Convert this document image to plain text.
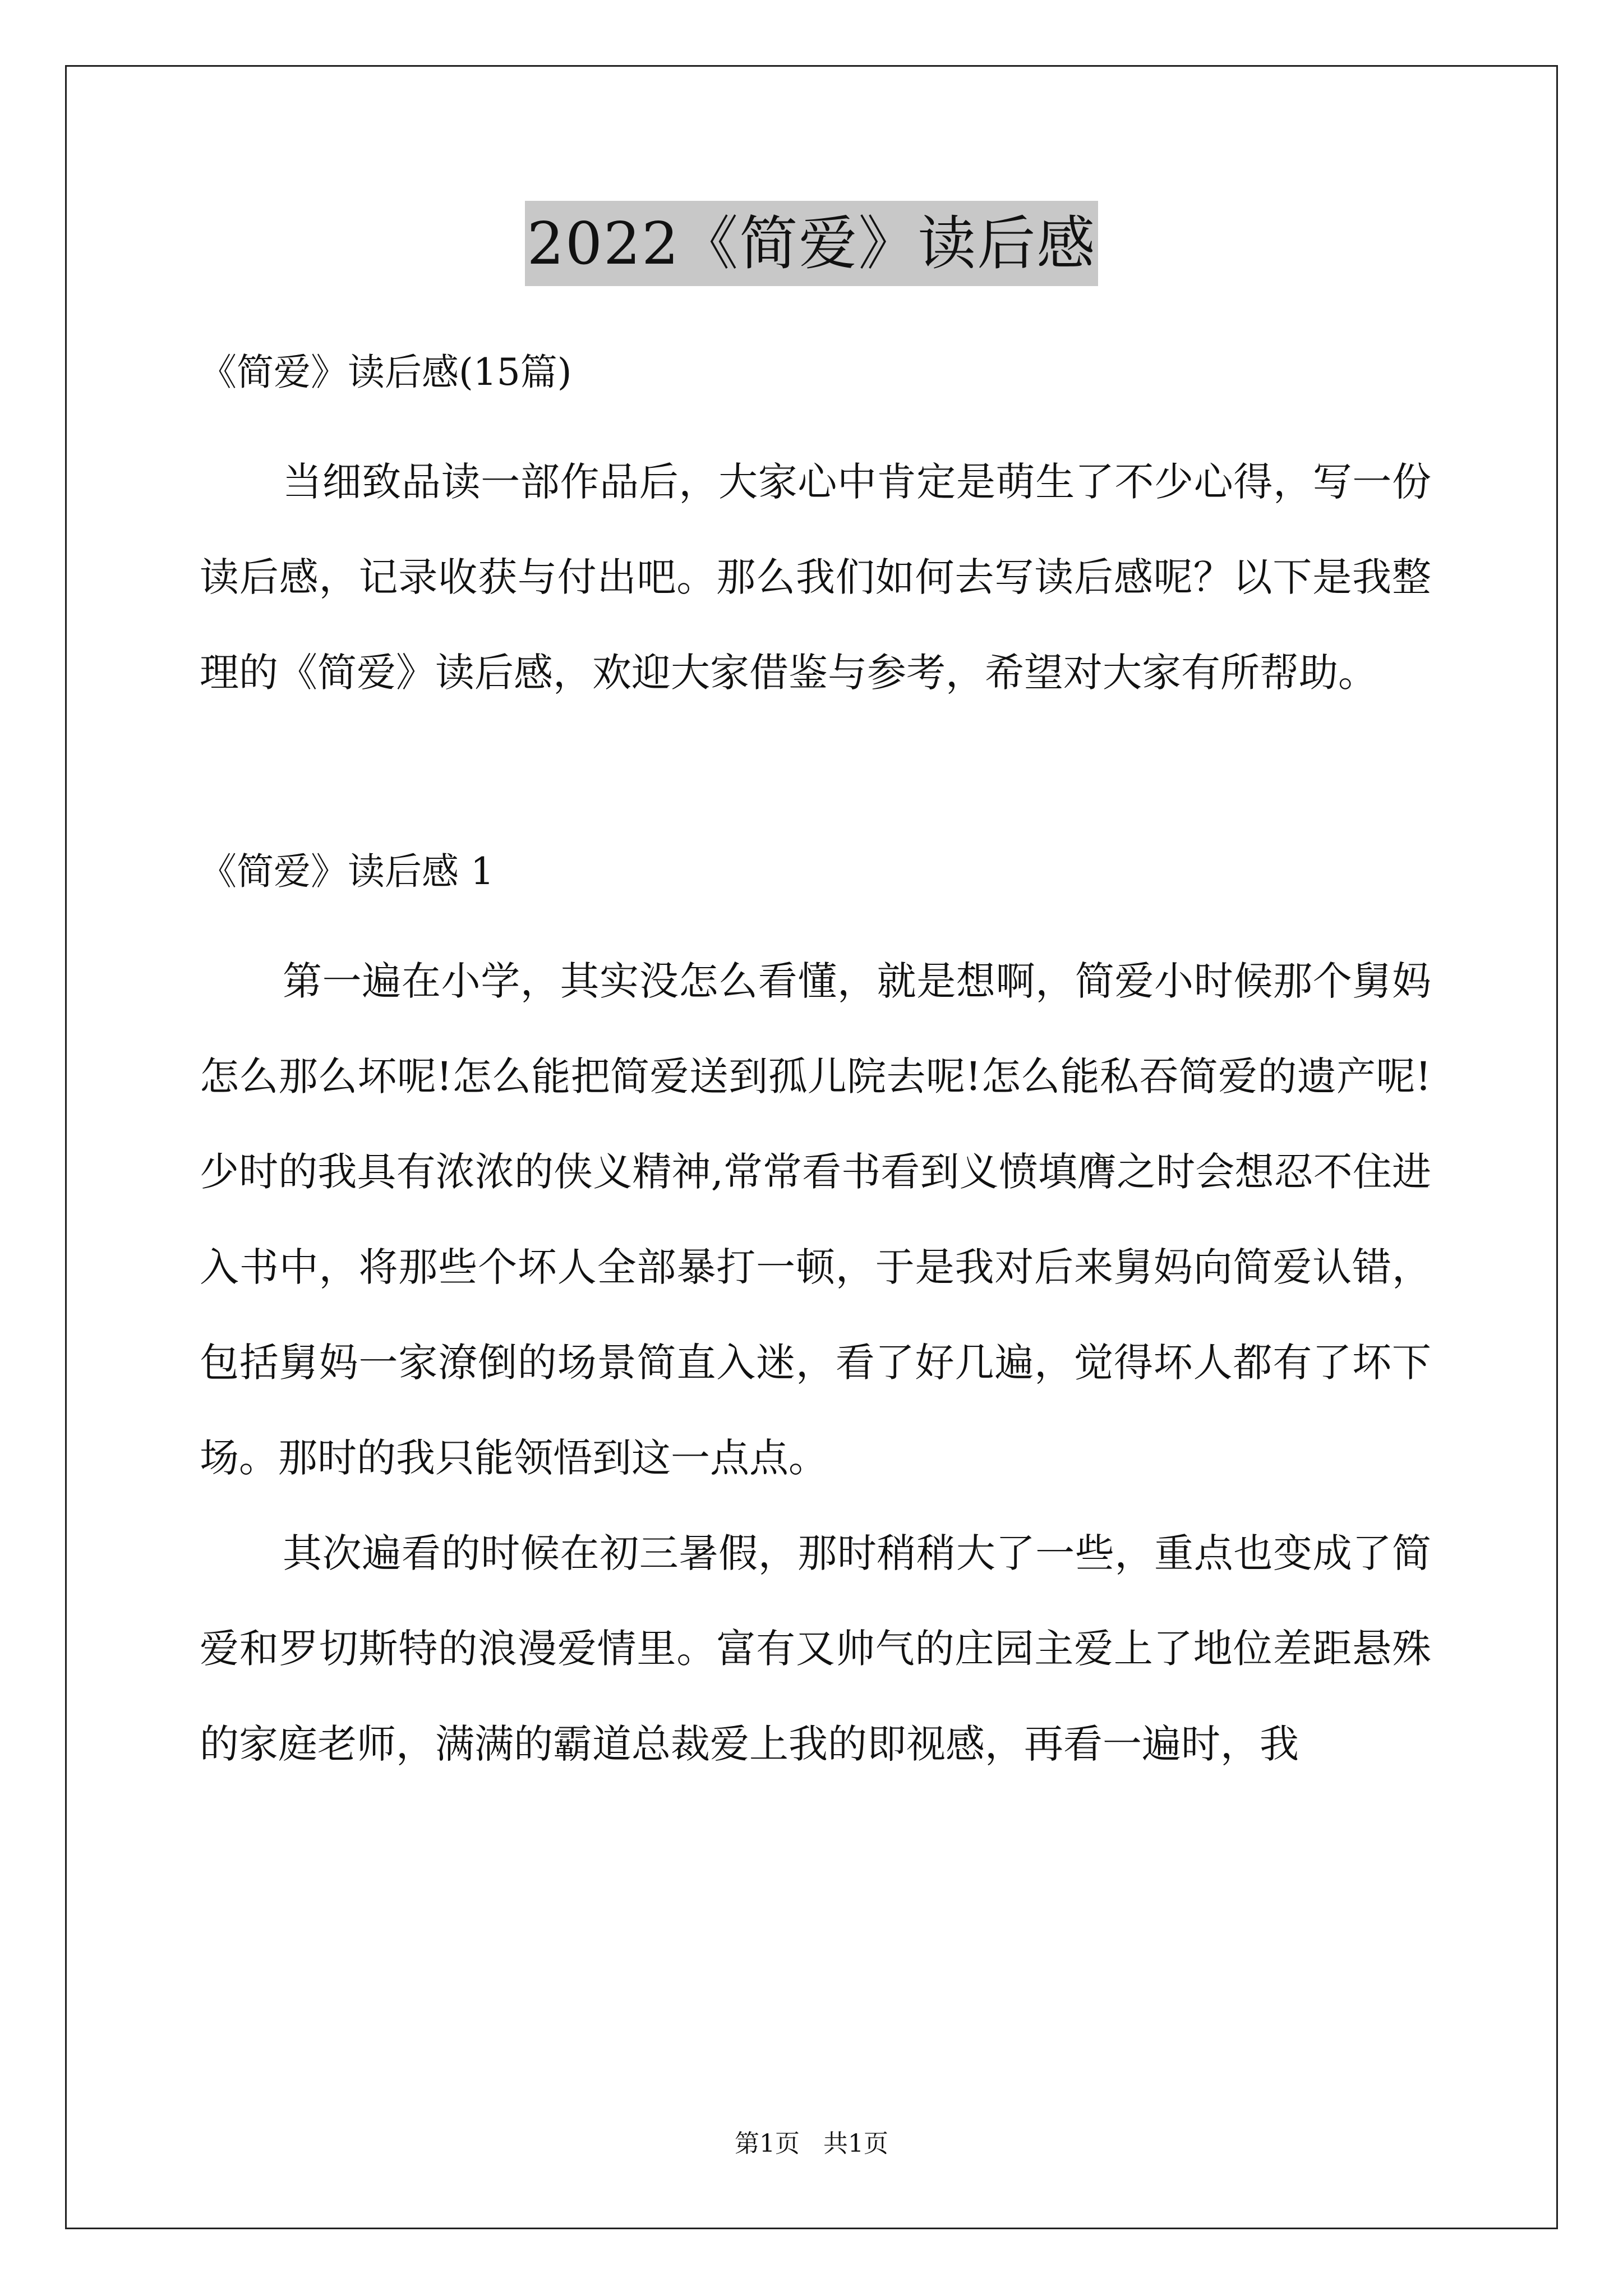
2022《简爱》读后感

《简爱》读后感(15篇)

当细致品读一部作品后，大家心中肯定是萌生了不少心得，写一份读后感，记录收获与付出吧。那么我们如何去写读后感呢？以下是我整理的《简爱》读后感，欢迎大家借鉴与参考，希望对大家有所帮助。

《简爱》读后感 1

第一遍在小学，其实没怎么看懂，就是想啊，简爱小时候那个舅妈怎么那么坏呢!怎么能把简爱送到孤儿院去呢!怎么能私吞简爱的遗产呢!少时的我具有浓浓的侠义精神,常常看书看到义愤填膺之时会想忍不住进入书中，将那些个坏人全部暴打一顿，于是我对后来舅妈向简爱认错，包括舅妈一家潦倒的场景简直入迷，看了好几遍，觉得坏人都有了坏下场。那时的我只能领悟到这一点点。

其次遍看的时候在初三暑假，那时稍稍大了一些，重点也变成了简爱和罗切斯特的浪漫爱情里。富有又帅气的庄园主爱上了地位差距悬殊的家庭老师，满满的霸道总裁爱上我的即视感，再看一遍时，我

第1页 共1页
